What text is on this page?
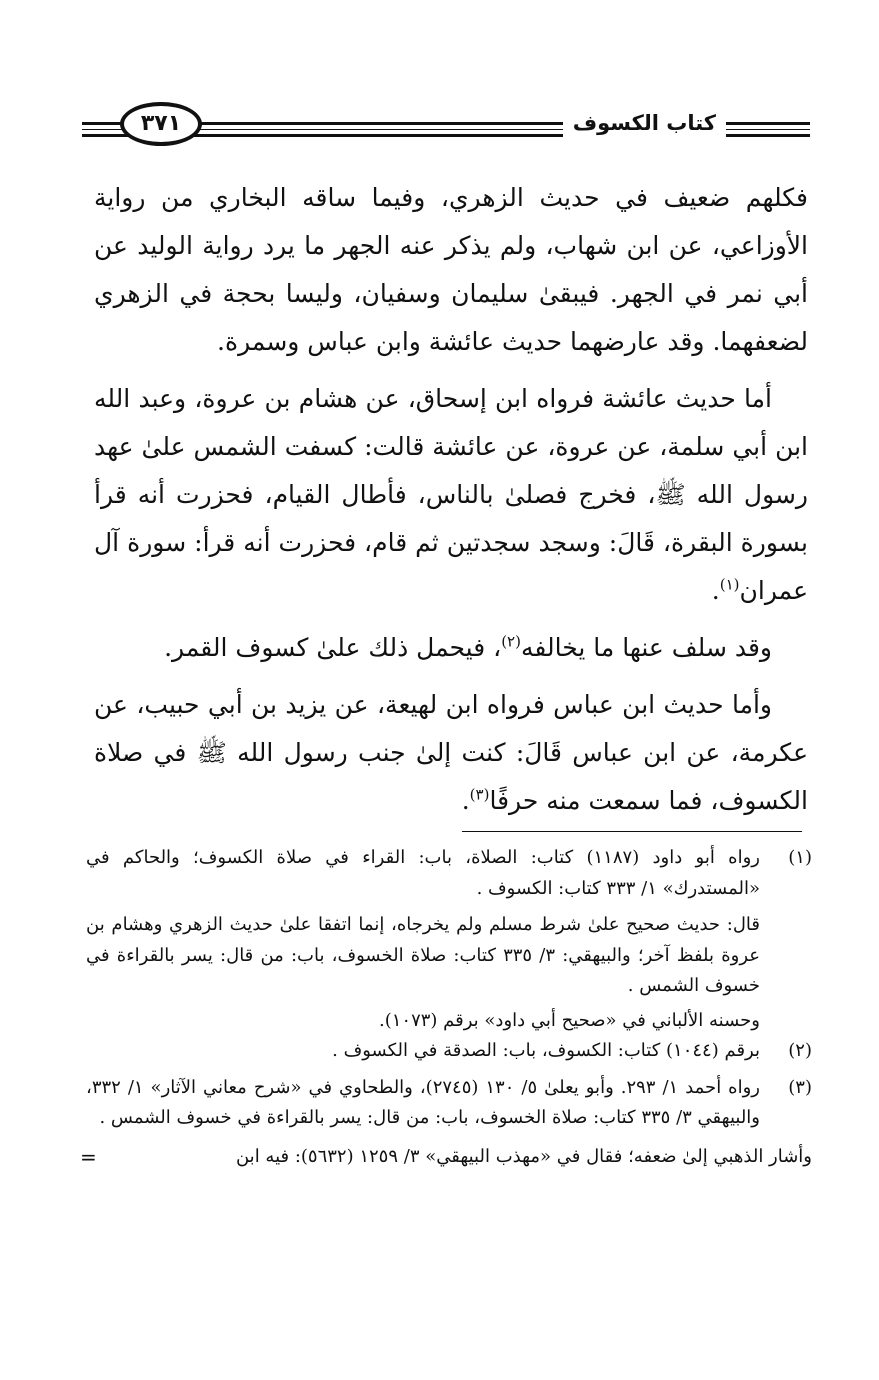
كتاب الكسوف
٣٧١

فكلهم ضعيف في حديث الزهري، وفيما ساقه البخاري من رواية الأوزاعي، عن ابن شهاب، ولم يذكر عنه الجهر ما يرد رواية الوليد عن أبي نمر في الجهر. فيبقىٰ سليمان وسفيان، وليسا بحجة في الزهري لضعفهما. وقد عارضهما حديث عائشة وابن عباس وسمرة.

أما حديث عائشة فرواه ابن إسحاق، عن هشام بن عروة، وعبد الله ابن أبي سلمة، عن عروة، عن عائشة قالت: كسفت الشمس علىٰ عهد رسول الله ﷺ، فخرج فصلىٰ بالناس، فأطال القيام، فحزرت أنه قرأ بسورة البقرة، قَالَ: وسجد سجدتين ثم قام، فحزرت أنه قرأ: سورة آل عمران$^{(١)}$.

وقد سلف عنها ما يخالفه$^{(٢)}$، فيحمل ذلك علىٰ كسوف القمر.

وأما حديث ابن عباس فرواه ابن لهيعة، عن يزيد بن أبي حبيب، عن عكرمة، عن ابن عباس قَالَ: كنت إلىٰ جنب رسول الله ﷺ في صلاة الكسوف، فما سمعت منه حرفًا$^{(٣)}$.

(١)
رواه أبو داود (١١٨٧) كتاب: الصلاة، باب: القراء في صلاة الكسوف؛ والحاكم في «المستدرك» ١/ ٣٣٣ كتاب: الكسوف .
قال: حديث صحيح علىٰ شرط مسلم ولم يخرجاه، إنما اتفقا علىٰ حديث الزهري وهشام بن عروة بلفظ آخر؛ والبيهقي: ٣/ ٣٣٥ كتاب: صلاة الخسوف، باب: من قال: يسر بالقراءة في خسوف الشمس .
وحسنه الألباني في «صحيح أبي داود» برقم (١٠٧٣).
(٢)
برقم (١٠٤٤) كتاب: الكسوف، باب: الصدقة في الكسوف .
(٣)
رواه أحمد ١/ ٢٩٣. وأبو يعلىٰ ٥/ ١٣٠ (٢٧٤٥)، والطحاوي في «شرح معاني الآثار» ١/ ٣٣٢، والبيهقي ٣/ ٣٣٥ كتاب: صلاة الخسوف، باب: من قال: يسر بالقراءة في خسوف الشمس .
وأشار الذهبي إلىٰ ضعفه؛ فقال في «مهذب البيهقي» ٣/ ١٢٥٩ (٥٦٣٢): فيه ابن
=
